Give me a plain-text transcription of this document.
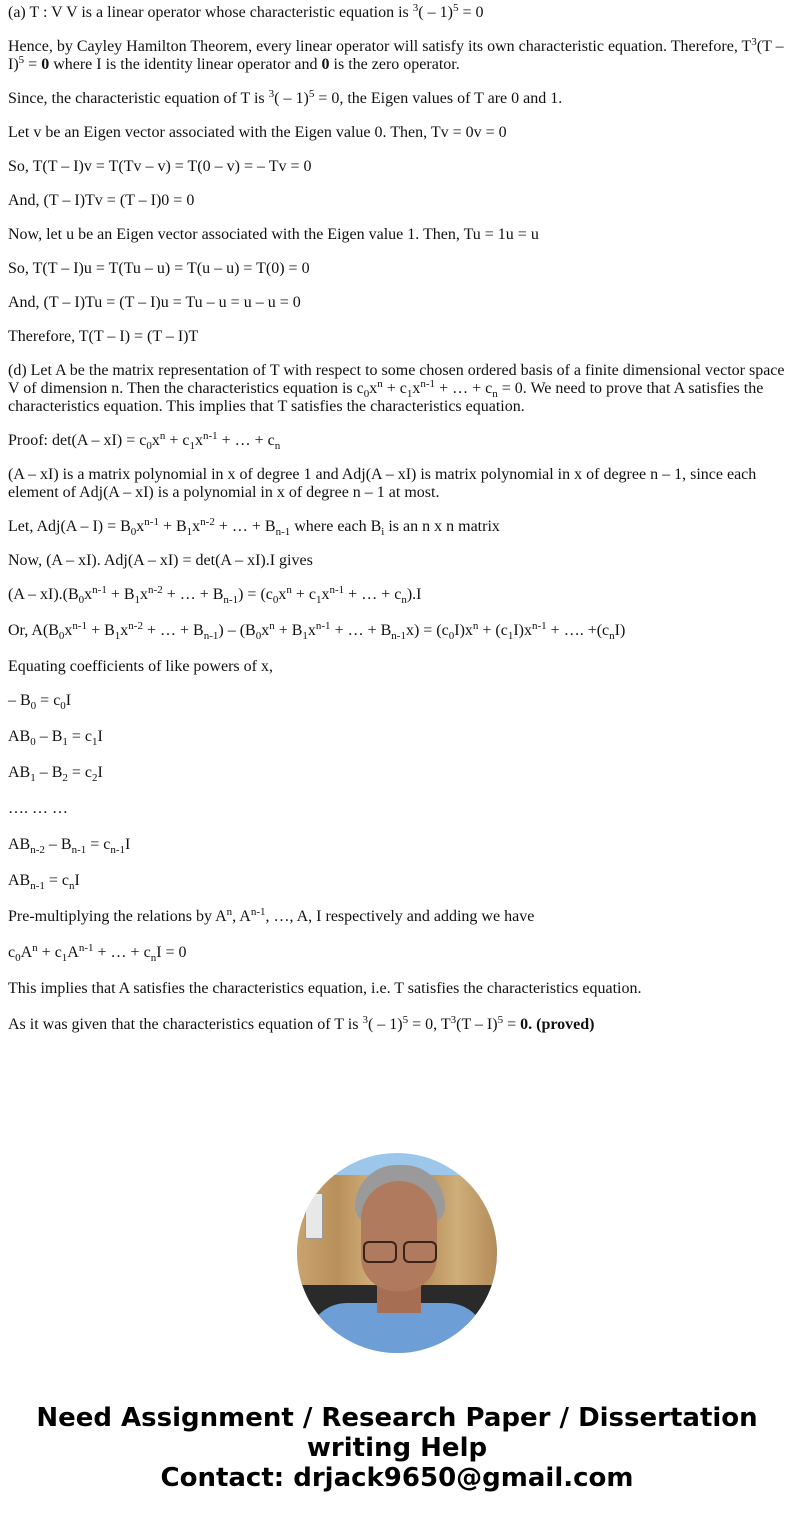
(a) T : V V is a linear operator whose characteristic equation is $^3$( – 1)$^5$ = 0

Hence, by Cayley Hamilton Theorem, every linear operator will satisfy its own characteristic equation. Therefore, $T^3(T - I)^5 = 0$ where I is the identity linear operator and 0 is the zero operator.

Since, the characteristic equation of T is $^3$( – 1)$^5$ = 0, the Eigen values of T are 0 and 1.

Let v be an Eigen vector associated with the Eigen value 0. Then, Tv = 0v = 0

So, T(T – I)v = T(Tv – v) = T(0 – v) = – Tv = 0

And, (T – I)Tv = (T – I)0 = 0

Now, let u be an Eigen vector associated with the Eigen value 1. Then, Tu = 1u = u

So, T(T – I)u = T(Tu – u) = T(u – u) = T(0) = 0

And, (T – I)Tu = (T – I)u = Tu – u = u – u = 0

Therefore, T(T – I) = (T – I)T

(d) Let A be the matrix representation of T with respect to some chosen ordered basis of a finite dimensional vector space V of dimension n. Then the characteristics equation is $c_0x^n + c_1x^{n-1}$ + … + $c_n = 0$. We need to prove that A satisfies the characteristics equation. This implies that T satisfies the characteristics equation.

Proof: $\det(A - xI) = c_0x^n + c_1x^{n-1}$ + … + $c_n$

(A – xI) is a matrix polynomial in x of degree 1 and Adj(A – xI) is matrix polynomial in x of degree n – 1, since each element of Adj(A – xI) is a polynomial in x of degree n – 1 at most.

Let, $Adj(A - I) = B_0x^{n-1} + B_1x^{n-2}$ + … + $B_{n-1}$ where each $B_i$ is an n x n matrix

Now, (A – xI). Adj(A – xI) = det(A – xI).I gives

$(A - xI).(B_0x^{n-1} + B_1x^{n-2}$ + … + $B_{n-1}) = (c_0x^n + c_1x^{n-1}$ + … + $c_n).I$

Or, $A(B_0x^{n-1} + B_1x^{n-2}$ + … + $B_{n-1}) - (B_0x^n + B_1x^{n-1}$ + … + $B_{n-1}x) = (c_0I)x^n + (c_1I)x^{n-1}$ + …. $+(c_nI)$

Equating coefficients of like powers of x,

– $B_0 = c_0I$

$AB_0 - B_1 = c_1I$

$AB_1 - B_2 = c_2I$

…. … …

$AB_{n-2} - B_{n-1} = c_{n-1}I$

$AB_{n-1} = c_nI$

Pre-multiplying the relations by $A^n$, $A^{n-1}$, …, A, I respectively and adding we have

$c_0A^n + c_1A^{n-1}$ + … + $c_nI = 0$

This implies that A satisfies the characteristics equation, i.e. T satisfies the characteristics equation.

As it was given that the characteristics equation of T is $^3$( – 1)$^5$ = 0, $T^3(T - I)^5 = 0$. (proved)

Need Assignment / Research Paper / Dissertation
writing Help
Contact: drjack9650@gmail.com
